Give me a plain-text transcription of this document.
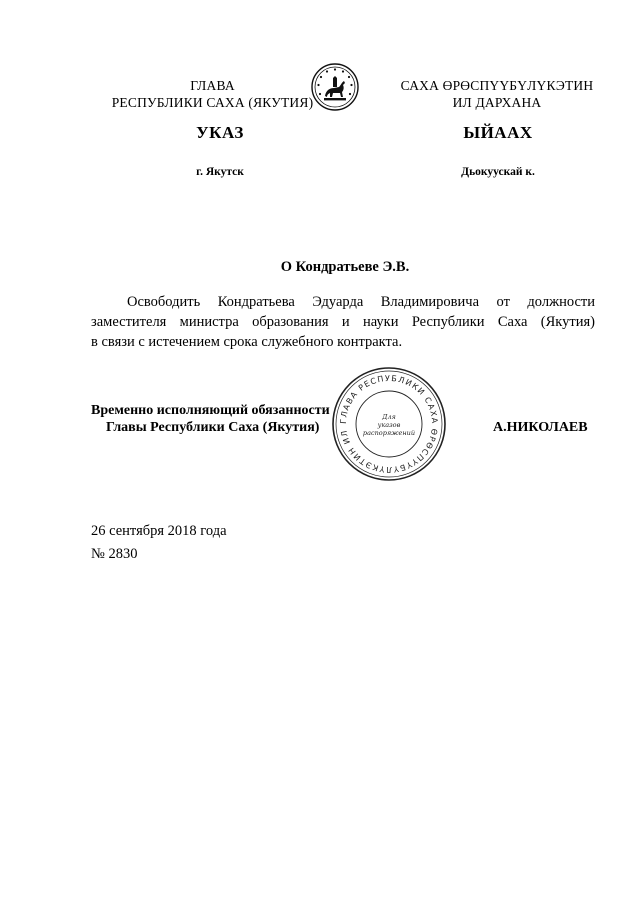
ГЛАВА
РЕСПУБЛИКИ САХА (ЯКУТИЯ)
САХА ӨРӨСПҮҮБҮЛҮКЭТИН
ИЛ ДАРХАНА
УКАЗ	ЫЙААХ
г. Якутск	Дьокуускай к.
О Кондратьеве Э.В.
Освободить Кондратьева Эдуарда Владимировича от должности
заместителя министра образования и науки Республики Саха (Якутия)
в связи с истечением срока служебного контракта.
ГЛАВА РЕСПУБЛИКИ САХА ӨРӨСПҮҮБҮЛҮКЭТИН ИЛ ДАРХАНА
Для
указов
распоряжений
Временно исполняющий обязанности
Главы Республики Саха (Якутия)	А.НИКОЛАЕВ
26 сентября 2018 года
№ 2830
